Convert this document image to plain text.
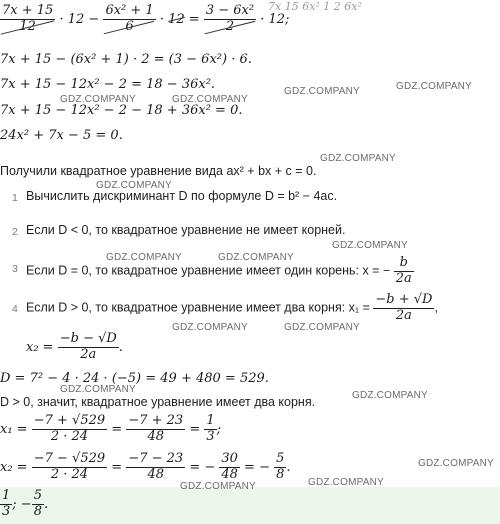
$\frac{7x + 15}{12} \cdot 12 - \frac{\text{6x² + 1}}{6} \cdot 12 = \frac{\text{3 − 6x²}}{2} \cdot 12$;
7x 15 6x² 1 2 6x²
7x + 15 − (6x² + 1) · 2 = (3 − 6x²) · 6.
7x + 15 − 12x² − 2 = 18 − 36x².
7x + 15 − 12x² − 2 − 18 + 36x² = 0.
24x² + 7x − 5 = 0.
Получили квадратное уравнение вида ax² + bx + c = 0.
1 Вычислить дискриминант D по формуле D = b² − 4ac.
2 Если D < 0, то квадратное уравнение не имеет корней.
3 Если D = 0, то квадратное уравнение имеет один корень: x = − $\frac{b}{2a}$
4 Если D > 0, то квадратное уравнение имеет два корня: $x_1 = \frac{-b + √D}{2a}$ ,
$x_2 = \frac{-b - √D}{2a}$ .
D = 7² − 4 · 24 · (−5) = 49 + 480 = 529.
D > 0, значит, квадратное уравнение имеет два корня.
$x_1 = \frac{-7 + √529}{2 \cdot 24} = \frac{-7 + 23}{48} = \frac{1}{3}$ ;
$x_2 = \frac{-7 - √529}{2 \cdot 24} = \frac{-7 - 23}{48}$ = − $\frac{30}{48}$ = − $\frac{5}{8}$ .
$\frac{1}{3}$ ; − $\frac{5}{8}$ .
GDZ.COMPANY	GDZ.COMPANY
GDZ.COMPANY	GDZ.COMPANY
GDZ.COMPANY
GDZ.COMPANY
GDZ.COMPANY
GDZ.COMPANY	GDZ.COMPANY
GDZ.COMPANY	GDZ.COMPANY
GDZ.COMPANY
GDZ.COMPANY
GDZ.COMPANY
GDZ.COMPANY	GDZ.COMPANY
